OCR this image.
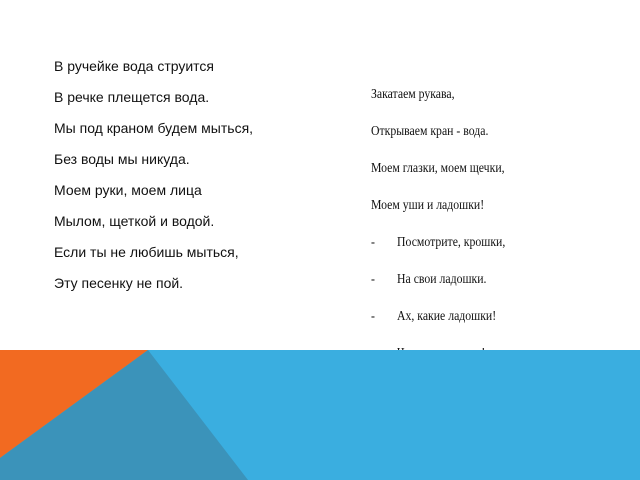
В ручейке вода струится
В речке плещется вода.
Мы под краном будем мыться,
Без воды мы никуда.
Моем руки, моем лица
Мылом, щеткой и водой.
Если ты не любишь мыться,
Эту песенку не пой.
Закатаем рукава,
Открываем кран - вода.
Моем глазки, моем щечки,
Моем уши и ладошки!
- Посмотрите, крошки,
- На свои ладошки.
- Ах, какие ладошки!
